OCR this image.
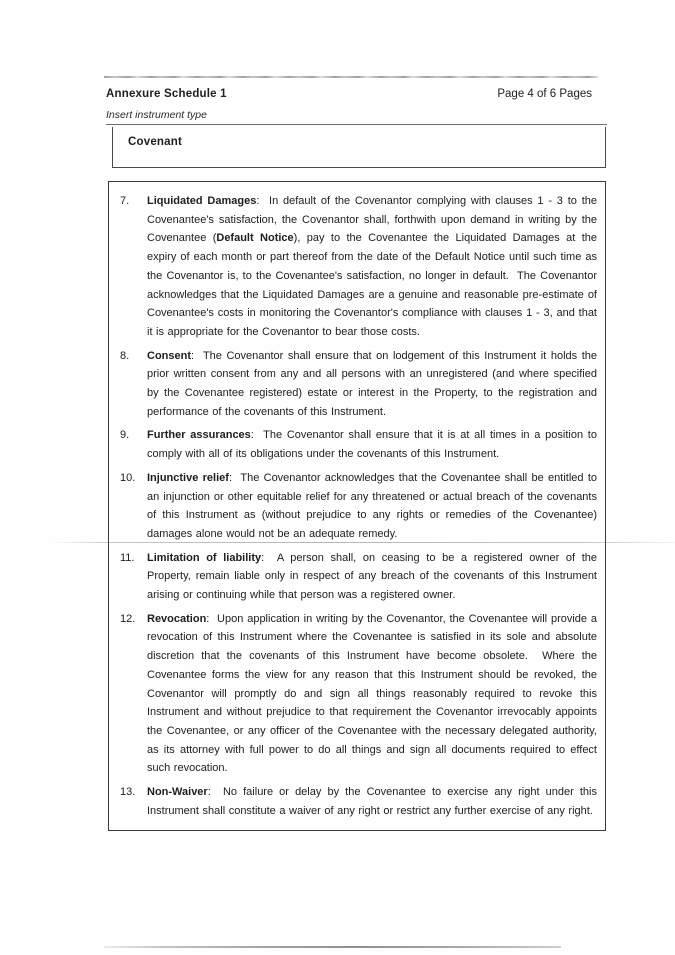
Annexure Schedule 1	Page 4 of 6 Pages
Insert instrument type
Covenant
7.	Liquidated Damages:  In default of the Covenantor complying with clauses 1 - 3 to the Covenantee's satisfaction, the Covenantor shall, forthwith upon demand in writing by the Covenantee (Default Notice), pay to the Covenantee the Liquidated Damages at the expiry of each month or part thereof from the date of the Default Notice until such time as the Covenantor is, to the Covenantee's satisfaction, no longer in default.  The Covenantor acknowledges that the Liquidated Damages are a genuine and reasonable pre-estimate of Covenantee's costs in monitoring the Covenantor's compliance with clauses 1 - 3, and that it is appropriate for the Covenantor to bear those costs.

8.	Consent:  The Covenantor shall ensure that on lodgement of this Instrument it holds the prior written consent from any and all persons with an unregistered (and where specified by the Covenantee registered) estate or interest in the Property, to the registration and performance of the covenants of this Instrument.

9.	Further assurances:  The Covenantor shall ensure that it is at all times in a position to comply with all of its obligations under the covenants of this Instrument.

10.	Injunctive relief:  The Covenantor acknowledges that the Covenantee shall be entitled to an injunction or other equitable relief for any threatened or actual breach of the covenants of this Instrument as (without prejudice to any rights or remedies of the Covenantee) damages alone would not be an adequate remedy.

11.	Limitation of liability:  A person shall, on ceasing to be a registered owner of the Property, remain liable only in respect of any breach of the covenants of this Instrument arising or continuing while that person was a registered owner.

12.	Revocation:  Upon application in writing by the Covenantor, the Covenantee will provide a revocation of this Instrument where the Covenantee is satisfied in its sole and absolute discretion that the covenants of this Instrument have become obsolete.  Where the Covenantee forms the view for any reason that this Instrument should be revoked, the Covenantor will promptly do and sign all things reasonably required to revoke this Instrument and without prejudice to that requirement the Covenantor irrevocably appoints the Covenantee, or any officer of the Covenantee with the necessary delegated authority, as its attorney with full power to do all things and sign all documents required to effect such revocation.

13.	Non-Waiver:  No failure or delay by the Covenantee to exercise any right under this Instrument shall constitute a waiver of any right or restrict any further exercise of any right.
